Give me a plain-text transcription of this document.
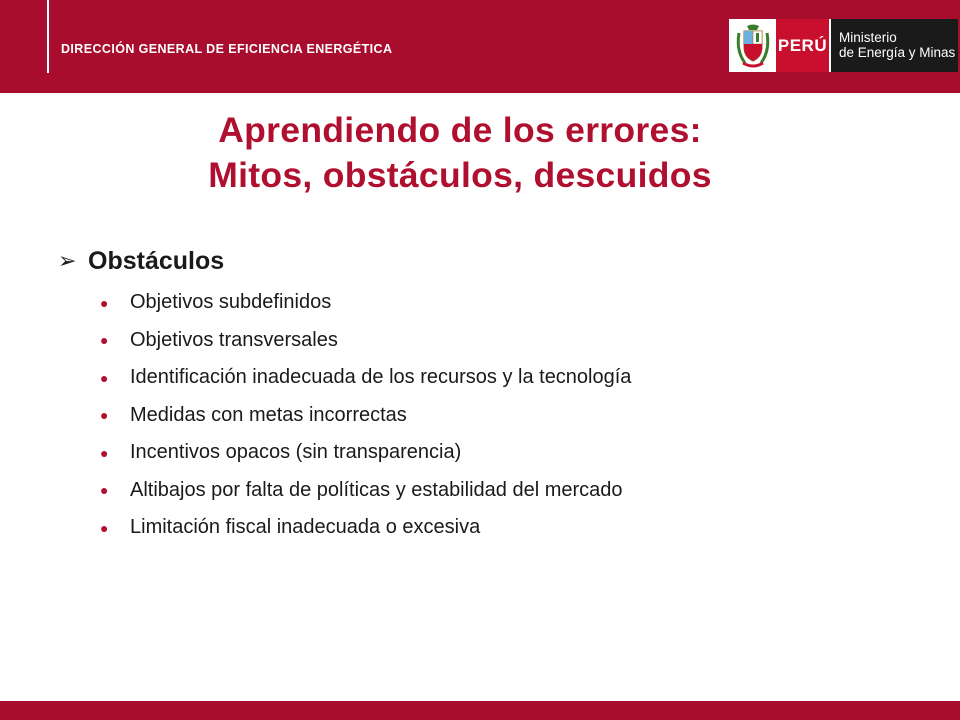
DIRECCIÓN GENERAL DE EFICIENCIA ENERGÉTICA	PERÚ Ministerio
de Energía y Minas
Aprendiendo de los errores:
Mitos, obstáculos, descuidos
➢ Obstáculos
●	Objetivos subdefinidos
●	Objetivos transversales
●	Identificación inadecuada de los recursos y la tecnología
●	Medidas con metas incorrectas
●	Incentivos opacos (sin transparencia)
●	Altibajos por falta de políticas y estabilidad del mercado
●	Limitación fiscal inadecuada o excesiva
